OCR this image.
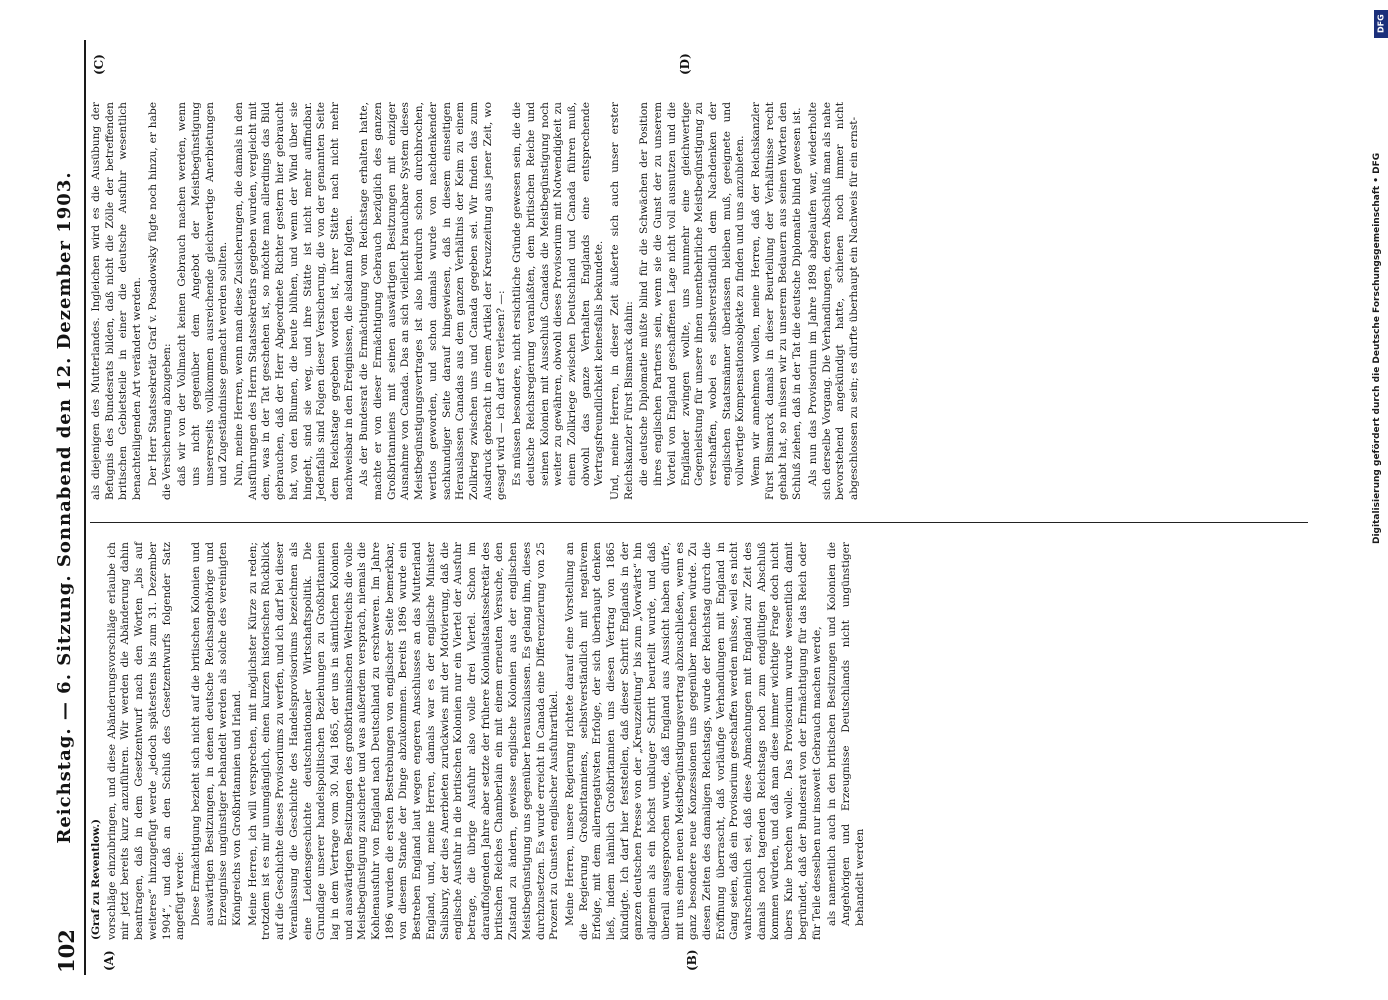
102
Reichstag. — 6. Sitzung. Sonnabend den 12. Dezember 1903.
(A)	(B)
(C)	(D)

(Graf zu Reventlow.) vorschläge einzubringen, und diese Abänderungsvorschläge erlaube ich mir jetzt bereits kurz anzuführen. Wir werden die Abänderung dahin beantragen, daß in dem Gesetzentwurf nach den Worten „bis auf weiteres“ hinzugefügt werde „jedoch spätestens bis zum 31. Dezember 1904“, und daß an den Schluß des Gesetzentwurfs folgender Satz angefügt werde: Diese Ermächtigung bezieht sich nicht auf die britischen Kolonien und auswärtigen Besitzungen, in denen deutsche Reichsangehörige und Erzeugnisse ungünstiger behandelt werden als solche des vereinigten Königreichs von Großbritannien und Irland. Meine Herren, ich will versprechen, mit möglichster Kürze zu reden; trotzdem ist es mir unumgänglich, einen kurzen historischen Rückblick auf die Geschichte dieses Provisoriums zu werfen, und ich darf bei dieser Veranlassung die Geschichte des Handelsprovisoriums bezeichnen als eine Leidensgeschichte deutschnationaler Wirtschaftspolitik. Die Grundlage unserer handelspolitischen Beziehungen zu Großbritannien lag in dem Vertrage vom 30. Mai 1865, der uns in sämtlichen Kolonien und auswärtigen Besitzungen des großbritannischen Weltreichs die volle Meistbegünstigung zusicherte und was außerdem versprach, niemals die Kohlenausfuhr von England nach Deutschland zu erschweren. Im Jahre 1896 wurden die ersten Bestrebungen von englischer Seite bemerkbar, von diesem Stande der Dinge abzukommen. Bereits 1896 wurde ein Bestreben England laut wegen engeren Anschlusses an das Mutterland England, und, meine Herren, damals war es der englische Minister Salisbury, der dies Anerbieten zurückwies mit der Motivierung, daß die englische Ausfuhr in die britischen Kolonien nur ein Viertel der Ausfuhr betrage, die übrige Ausfuhr also volle drei Viertel. Schon im darauffolgenden Jahre aber setzte der frühere Kolonialstaatssekretär des britischen Reiches Chamberlain ein mit einem erneuten Versuche, den Zustand zu ändern, gewisse englische Kolonien aus der englischen Meistbegünstigung uns gegenüber herauszulassen. Es gelang ihm, dieses durchzusetzen. Es wurde erreicht in Canada eine Differenzierung von 25 Prozent zu Gunsten englischer Ausfuhrartikel. Meine Herren, unsere Regierung richtete darauf eine Vorstellung an die Regierung Großbritanniens, selbstverständlich mit negativem Erfolge, mit dem allernegativsten Erfolge, der sich überhaupt denken ließ, indem nämlich Großbritannien uns diesen Vertrag von 1865 kündigte. Ich darf hier feststellen, daß dieser Schritt Englands in der ganzen deutschen Presse von der „Kreuzzeitung“ bis zum „Vorwärts“ hin allgemein als ein höchst unkluger Schritt beurteilt wurde, und daß überall ausgesprochen wurde, daß England aus Aussicht haben dürfe, mit uns einen neuen Meistbegünstigungsvertrag abzuschließen, wenn es ganz besondere neue Konzessionen uns gegenüber machen würde. Zu diesen Zeiten des damaligen Reichstags, wurde der Reichstag durch die Eröffnung überrascht, daß vorläufige Verhandlungen mit England in Gang seien, daß ein Provisorium geschaffen werden müsse, weil es nicht wahrscheinlich sei, daß diese Abmachungen mit England zur Zeit des damals noch tagenden Reichstags noch zum endgültigen Abschluß kommen würden, und daß man diese immer wichtige Frage doch nicht übers Knie brechen wolle. Das Provisorium wurde wesentlich damit begründet, daß der Bundesrat von der Ermächtigung für das Reich oder für Teile desselben nur insoweit Gebrauch machen werde, als namentlich auch in den britischen Besitzungen und Kolonien die Angehörigen und Erzeugnisse Deutschlands nicht ungünstiger behandelt werden

als diejenigen des Mutterlandes. Ingleichen wird es die Ausübung der Befugnis des Bundesrats bilden, daß nicht die Zölle der betreffenden britischen Gebietsteile in einer die deutsche Ausfuhr wesentlich benachteiligenden Art verändert werden. Der Herr Staatssekretär Graf v. Posadowsky fügte noch hinzu, er habe die Versicherung abzugeben: daß wir von der Vollmacht keinen Gebrauch machen werden, wenn uns nicht gegenüber dem Angebot der Meistbegünstigung unsererseits vollkommen ausreichende gleichwertige Anerbietungen und Zugeständnisse gemacht werden sollten. Nun, meine Herren, wenn man diese Zusicherungen, die damals in den Ausführungen des Herrn Staatssekretärs gegeben wurden, vergleicht mit dem, was in der Tat geschehen ist, so möchte man allerdings das Bild gebrauchen, daß der Herr Abgeordnete Richter gestern hier gebraucht hat, von den Blumen, die heute blühen, und wenn der Wind über sie hingeht, sind sie weg, und ihre Stätte ist nicht mehr auffindbar. Jedenfalls sind Folgen dieser Versicherung, die von der genannten Seite dem Reichstage gegeben worden ist, ihrer Stätte nach nicht mehr nachweisbar in den Ereignissen, die alsdann folgten. Als der Bundesrat die Ermächtigung vom Reichstage erhalten hatte, machte er von dieser Ermächtigung Gebrauch bezüglich des ganzen Großbritanniens mit seinen auswärtigen Besitzungen mit einziger Ausnahme von Canada. Das an sich vielleicht brauchbare System dieses Meistbegünstigungsvertrages ist also hierdurch schon durchbrochen, wertlos geworden, und schon damals wurde von nachdenkender sachkundiger Seite darauf hingewiesen, daß in diesem einseitigen Herauslassen Canadas aus dem ganzen Verhältnis der Keim zu einem Zollkrieg zwischen uns und Canada gegeben sei. Wir finden das zum Ausdruck gebracht in einem Artikel der Kreuzzeitung aus jener Zeit, wo gesagt wird — ich darf es verlesen? —: Es müssen besondere, nicht ersichtliche Gründe gewesen sein, die die deutsche Reichsregierung veranlaßten, dem britischen Reiche und seinen Kolonien mit Ausschluß Canadas die Meistbegünstigung noch weiter zu gewähren, obwohl dieses Provisorium mit Notwendigkeit zu einem Zollkriege zwischen Deutschland und Canada führen muß, obwohl das ganze Verhalten Englands eine entsprechende Vertragsfreundlichkeit keinesfalls bekundete. Und, meine Herren, in dieser Zeit äußerte sich auch unser erster Reichskanzler Fürst Bismarck dahin: die deutsche Diplomatie müßte blind für die Schwächen der Position ihres englischen Partners sein, wenn sie die Gunst der zu unserem Vorteil von England geschaffenen Lage nicht voll ausnutzen und die Engländer zwingen wollte, uns nunmehr eine gleichwertige Gegenleistung für unsere ihnen unentbehrliche Meistbegünstigung zu verschaffen, wobei es selbstverständlich dem Nachdenken der englischen Staatsmänner überlassen bleiben muß, geeignete und vollwertige Kompensationsobjekte zu finden und uns anzubieten. Wenn wir annehmen wollen, meine Herren, daß der Reichskanzler Fürst Bismarck damals in dieser Beurteilung der Verhältnisse recht gehabt hat, so müssen wir zu unserem Bedauern aus seinen Worten den Schluß ziehen, daß in der Tat die deutsche Diplomatie blind gewesen ist. Als nun das Provisorium im Jahre 1898 abgelaufen war, wiederholte sich derselbe Vorgang. Die Verhandlungen, deren Abschluß man als nahe bevorstehend angekündigt hatte, schienen noch immer nicht abgeschlossen zu sein; es dürfte überhaupt ein Nachweis für ein ernst-

DFG
Digitalisierung gefördert durch die Deutsche Forschungsgemeinschaft • DFG
